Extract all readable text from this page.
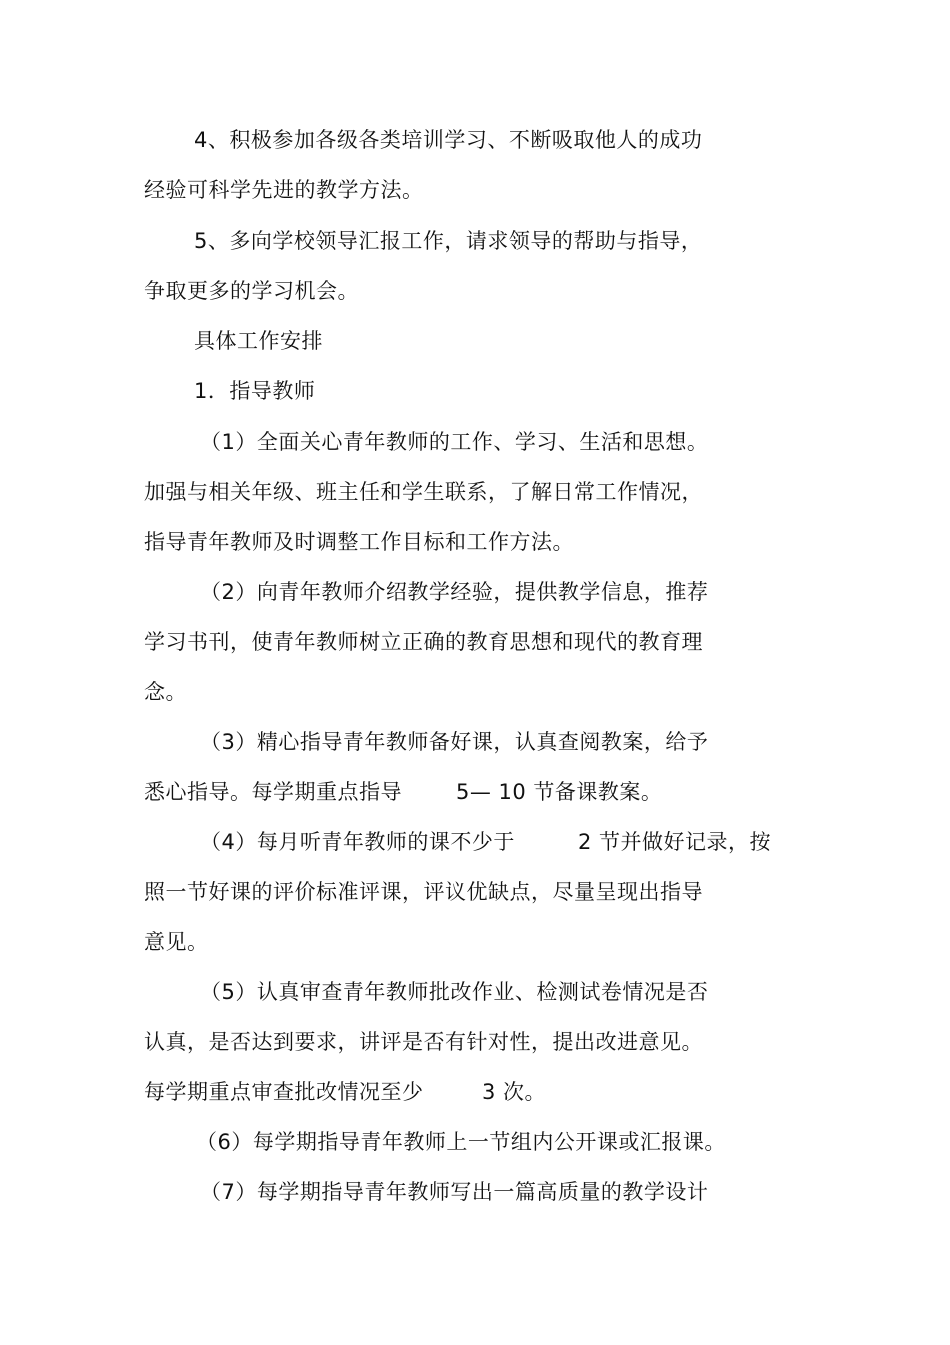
4、积极参加各级各类培训学习、不断吸取他人的成功
经验可科学先进的教学方法。
5、多向学校领导汇报工作，请求领导的帮助与指导，
争取更多的学习机会。
具体工作安排
1．指导教师
（1）全面关心青年教师的工作、学习、生活和思想。
加强与相关年级、班主任和学生联系，了解日常工作情况，
指导青年教师及时调整工作目标和工作方法。
（2）向青年教师介绍教学经验，提供教学信息，推荐
学习书刊，使青年教师树立正确的教育思想和现代的教育理
念。
（3）精心指导青年教师备好课，认真查阅教案，给予
悉心指导。每学期重点指导	5— 10 节备课教案。
（4）每月听青年教师的课不少于	2 节并做好记录，按
照一节好课的评价标准评课，评议优缺点，尽量呈现出指导
意见。
（5）认真审查青年教师批改作业、检测试卷情况是否
认真，是否达到要求，讲评是否有针对性，提出改进意见。
每学期重点审查批改情况至少	3 次。
（6）每学期指导青年教师上一节组内公开课或汇报课。
（7）每学期指导青年教师写出一篇高质量的教学设计
